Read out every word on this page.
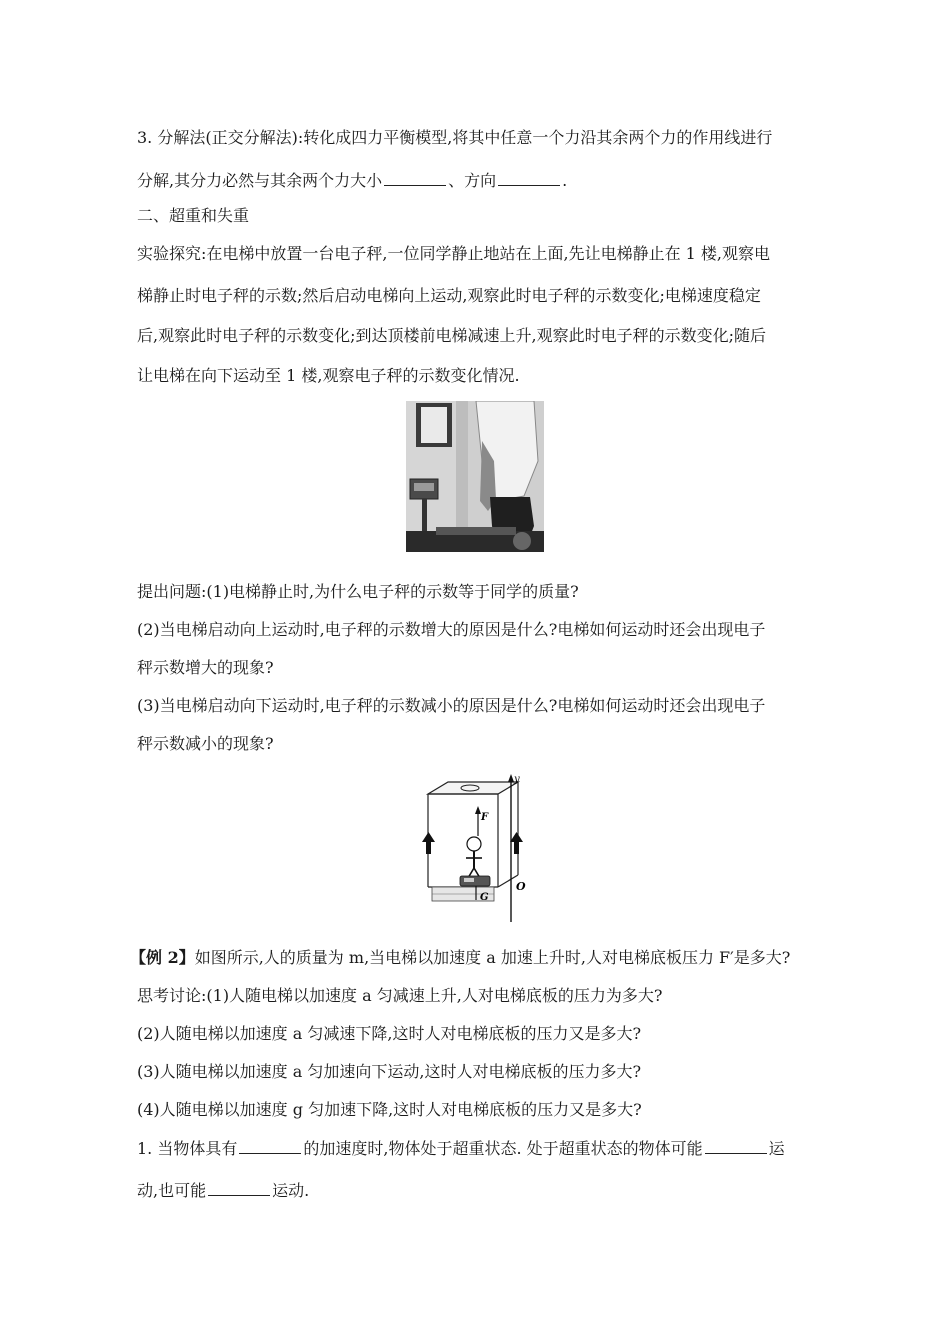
3. 分解法(正交分解法):转化成四力平衡模型,将其中任意一个力沿其余两个力的作用线进行
分解,其分力必然与其余两个力大小	、方向	.
二、超重和失重
实验探究:在电梯中放置一台电子秤,一位同学静止地站在上面,先让电梯静止在 1 楼,观察电
梯静止时电子秤的示数;然后启动电梯向上运动,观察此时电子秤的示数变化;电梯速度稳定
后,观察此时电子秤的示数变化;到达顶楼前电梯减速上升,观察此时电子秤的示数变化;随后
让电梯在向下运动至 1 楼,观察电子秤的示数变化情况.
提出问题:(1)电梯静止时,为什么电子秤的示数等于同学的质量?
(2)当电梯启动向上运动时,电子秤的示数增大的原因是什么?电梯如何运动时还会出现电子
秤示数增大的现象?
(3)当电梯启动向下运动时,电子秤的示数减小的原因是什么?电梯如何运动时还会出现电子
秤示数减小的现象?
y
O
F
G
【例 2】如图所示,人的质量为 m,当电梯以加速度 a 加速上升时,人对电梯底板压力 F′是多大?
思考讨论:(1)人随电梯以加速度 a 匀减速上升,人对电梯底板的压力为多大?
(2)人随电梯以加速度 a 匀减速下降,这时人对电梯底板的压力又是多大?
(3)人随电梯以加速度 a 匀加速向下运动,这时人对电梯底板的压力多大?
(4)人随电梯以加速度 g 匀加速下降,这时人对电梯底板的压力又是多大?
1. 当物体具有	的加速度时,物体处于超重状态. 处于超重状态的物体可能	运
动,也可能	运动.
